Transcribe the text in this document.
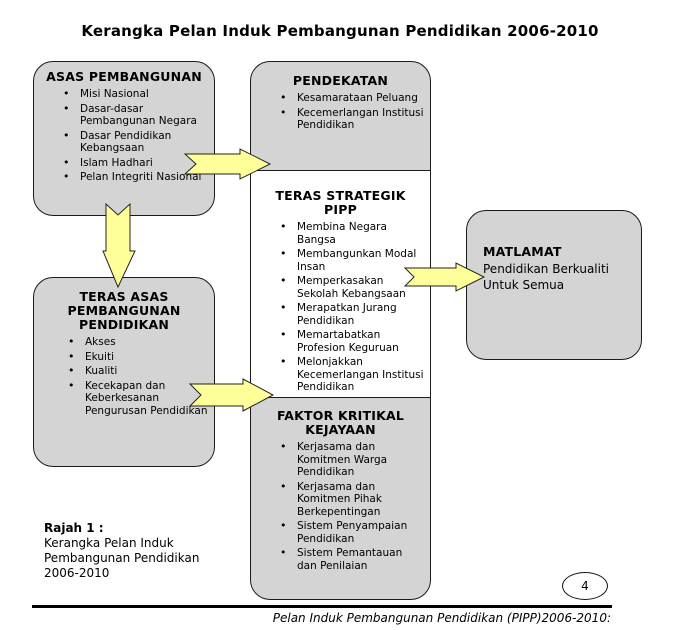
Kerangka Pelan Induk Pembangunan Pendidikan 2006-2010
ASAS PEMBANGUNAN
• Misi Nasional
• Dasar-dasar Pembangunan Negara
• Dasar Pendidikan Kebangsaan
• Islam Hadhari
• Pelan Integriti Nasional
PENDEKATAN
• Kesamarataan Peluang
• Kecemerlangan Institusi Pendidikan
TERAS ASAS
PEMBANGUNAN
PENDIDIKAN
• Akses
• Ekuiti
• Kualiti
• Kecekapan dan Keberkesanan Pengurusan Pendidikan	FAKTOR KRITIKAL
KEJAYAAN
• Kerjasama dan Komitmen Warga Pendidikan
• Kerjasama dan Komitmen Pihak Berkepentingan
• Sistem Penyampaian Pendidikan
• Sistem Pemantauan dan Penilaian
TERAS STRATEGIK PIPP
• Membina Negara Bangsa
• Membangunkan Modal Insan
• Memperkasakan Sekolah Kebangsaan
• Merapatkan Jurang Pendidikan
• Memartabatkan Profesion Keguruan
• Melonjakkan Kecemerlangan Institusi Pendidikan
MATLAMAT
Pendidikan Berkualiti Untuk Semua
Rajah 1 :
Kerangka Pelan Induk
Pembangunan Pendidikan
2006-2010
4
Pelan Induk Pembangunan Pendidikan (PIPP)2006-2010:
